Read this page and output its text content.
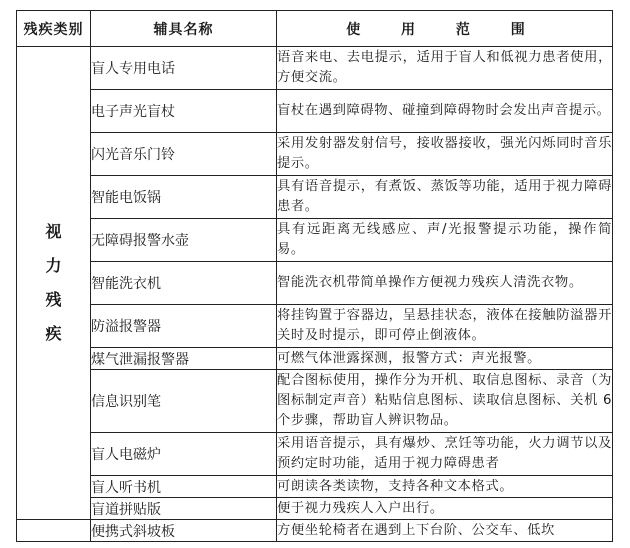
残疾类别	辅具名称	使 用 范 围

视
力
残
疾	盲人专用电话	语音来电、去电提示，适用于盲人和低视力患者使用，方便交流。
	电子声光盲杖	盲杖在遇到障碍物、碰撞到障碍物时会发出声音提示。
	闪光音乐门铃	采用发射器发射信号，接收器接收，强光闪烁同时音乐提示。
	智能电饭锅	具有语音提示，有煮饭、蒸饭等功能，适用于视力障碍患者。
	无障碍报警水壶	具有远距离无线感应、声/光报警提示功能，操作简易。
	智能洗衣机	智能洗衣机带简单操作方便视力残疾人清洗衣物。
	防溢报警器	将挂钩置于容器边，呈悬挂状态，液体在接触防溢器开关时及时提示，即可停止倒液体。
	煤气泄漏报警器	可燃气体泄露探测，报警方式：声光报警。
	信息识别笔	配合图标使用，操作分为开机、取信息图标、录音（为图标制定声音）粘贴信息图标、读取信息图标、关机 6 个步骤，帮助盲人辨识物品。
	盲人电磁炉	采用语音提示，具有爆炒、烹饪等功能，火力调节以及预约定时功能，适用于视力障碍患者
	盲人听书机	可朗读各类读物，支持各种文本格式。
	盲道拼贴版	便于视力残疾人入户出行。
	便携式斜坡板	方便坐轮椅者在遇到上下台阶、公交车、低坎
